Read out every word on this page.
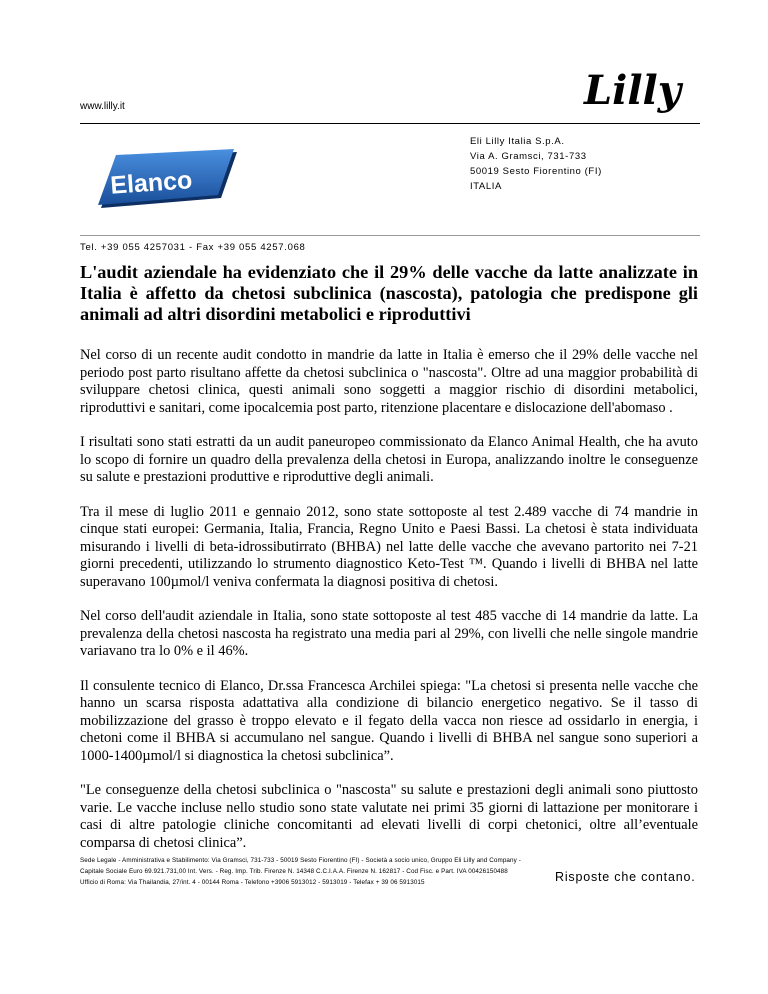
www.lilly.it	Lilly
Eli Lilly Italia S.p.A.
Via A. Gramsci, 731-733
50019 Sesto Fiorentino (FI)
ITALIA
Elanco
Tel. +39 055 4257031 - Fax +39 055 4257.068
L'audit aziendale ha evidenziato che il 29% delle vacche da latte analizzate in Italia è affetto da chetosi subclinica (nascosta), patologia che predispone gli animali ad altri disordini metabolici e riproduttivi

Nel corso di un recente audit condotto in mandrie da latte in Italia è emerso che il 29% delle vacche nel periodo post parto risultano affette da chetosi subclinica o "nascosta". Oltre ad una maggior probabilità di sviluppare chetosi clinica, questi animali sono soggetti a maggior rischio di disordini metabolici, riproduttivi e sanitari, come ipocalcemia post parto, ritenzione placentare e dislocazione dell'abomaso .

I risultati sono stati estratti da un audit paneuropeo commissionato da Elanco Animal Health, che ha avuto lo scopo di fornire un quadro della prevalenza della chetosi in Europa, analizzando inoltre le conseguenze su salute e prestazioni produttive e riproduttive degli animali.

Tra il mese di luglio 2011 e gennaio 2012, sono state sottoposte al test 2.489 vacche di 74 mandrie in cinque stati europei: Germania, Italia, Francia, Regno Unito e Paesi Bassi. La chetosi è stata individuata misurando i livelli di beta-idrossibutirrato (BHBA) nel latte delle vacche che avevano partorito nei 7-21 giorni precedenti, utilizzando lo strumento diagnostico Keto-Test ™. Quando i livelli di BHBA nel latte superavano 100µmol/l veniva confermata la diagnosi positiva di chetosi.

Nel corso dell'audit aziendale in Italia, sono state sottoposte al test 485 vacche di 14 mandrie da latte. La prevalenza della chetosi nascosta ha registrato una media pari al 29%, con livelli che nelle singole mandrie variavano tra lo 0% e il 46%.

Il consulente tecnico di Elanco, Dr.ssa Francesca Archilei spiega: "La chetosi si presenta nelle vacche che hanno un scarsa risposta adattativa alla condizione di bilancio energetico negativo. Se il tasso di mobilizzazione del grasso è troppo elevato e il fegato della vacca non riesce ad ossidarlo in energia, i chetoni come il BHBA si accumulano nel sangue. Quando i livelli di BHBA nel sangue sono superiori a 1000-1400µmol/l si diagnostica la chetosi subclinica”.

"Le conseguenze della chetosi subclinica o "nascosta" su salute e prestazioni degli animali sono piuttosto varie. Le vacche incluse nello studio sono state valutate nei primi 35 giorni di lattazione per monitorare i casi di altre patologie cliniche concomitanti ad elevati livelli di corpi chetonici, oltre all’eventuale comparsa di chetosi clinica”.

Sede Legale - Amministrativa e Stabilimento: Via Gramsci, 731-733 - 50019 Sesto Fiorentino (FI) - Società a socio unico, Gruppo Eli Lilly and Company -
Capitale Sociale Euro 69.921.731,00 Int. Vers. - Reg. Imp. Trib. Firenze N. 14348 C.C.I.A.A. Firenze N. 162817 - Cod Fisc. e Part. IVA 00426150488
Ufficio di Roma: Via Thailandia, 27/int. 4 - 00144 Roma - Telefono +3906 5913012 - 5913019 - Telefax + 39 06 5913015	Risposte che contano.
